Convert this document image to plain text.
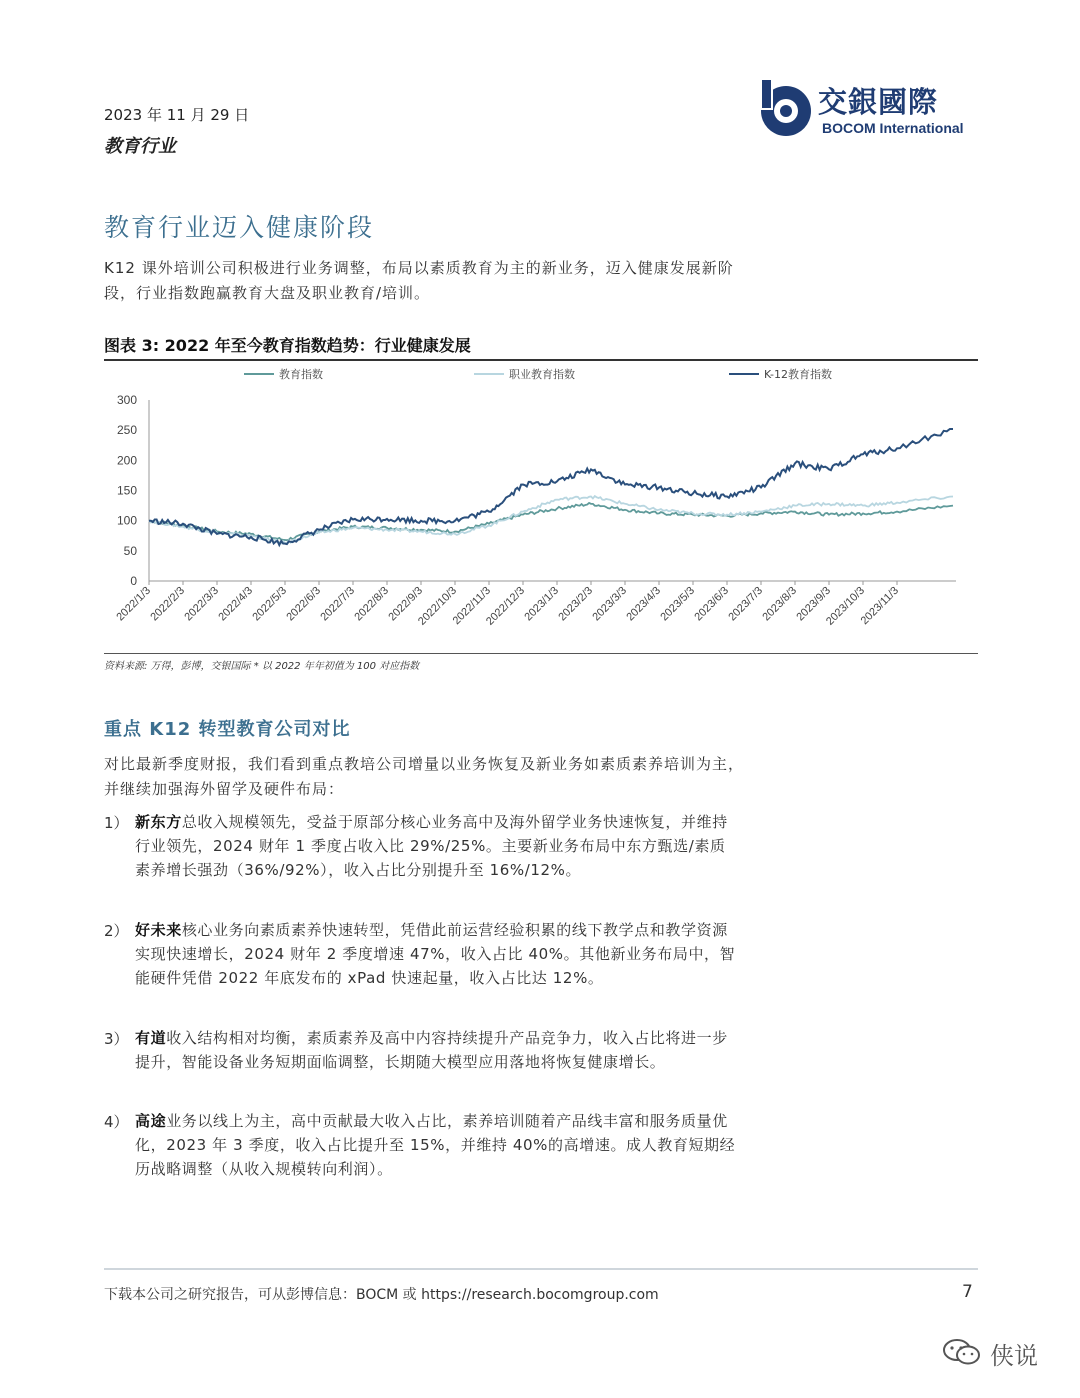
2023 年 11 月 29 日
教育行业
交銀國際
BOCOM International
教育行业迈入健康阶段
K12 课外培训公司积极进行业务调整，布局以素质教育为主的新业务，迈入健康发展新阶段，行业指数跑赢教育大盘及职业教育/培训。
图表 3: 2022 年至今教育指数趋势：行业健康发展
教育指数	职业教育指数	K-12教育指数
0
50
100
150
200
250
300
2022/1/3
2022/2/3
2022/3/3
2022/4/3
2022/5/3
2022/6/3
2022/7/3
2022/8/3
2022/9/3
2022/10/3
2022/11/3
2022/12/3
2023/1/3
2023/2/3
2023/3/3
2023/4/3
2023/5/3
2023/6/3
2023/7/3
2023/8/3
2023/9/3
2023/10/3
2023/11/3
资料来源: 万得，彭博，交银国际 * 以 2022 年年初值为 100 对应指数
重点 K12 转型教育公司对比
对比最新季度财报，我们看到重点教培公司增量以业务恢复及新业务如素质素养培训为主，并继续加强海外留学及硬件布局：
1） 新东方总收入规模领先，受益于原部分核心业务高中及海外留学业务快速恢复，并维持行业领先，2024 财年 1 季度占收入比 29%/25%。主要新业务布局中东方甄选/素质素养增长强劲（36%/92%），收入占比分别提升至 16%/12%。
2） 好未来核心业务向素质素养快速转型，凭借此前运营经验积累的线下教学点和教学资源实现快速增长，2024 财年 2 季度增速 47%，收入占比 40%。其他新业务布局中，智能硬件凭借 2022 年底发布的 xPad 快速起量，收入占比达 12%。
3） 有道收入结构相对均衡，素质素养及高中内容持续提升产品竞争力，收入占比将进一步提升，智能设备业务短期面临调整，长期随大模型应用落地将恢复健康增长。
4） 高途业务以线上为主，高中贡献最大收入占比，素养培训随着产品线丰富和服务质量优化，2023 年 3 季度，收入占比提升至 15%，并维持 40%的高增速。成人教育短期经历战略调整（从收入规模转向利润）。
下载本公司之研究报告，可从彭博信息：BOCM 或 https://research.bocomgroup.com	7
侠说
